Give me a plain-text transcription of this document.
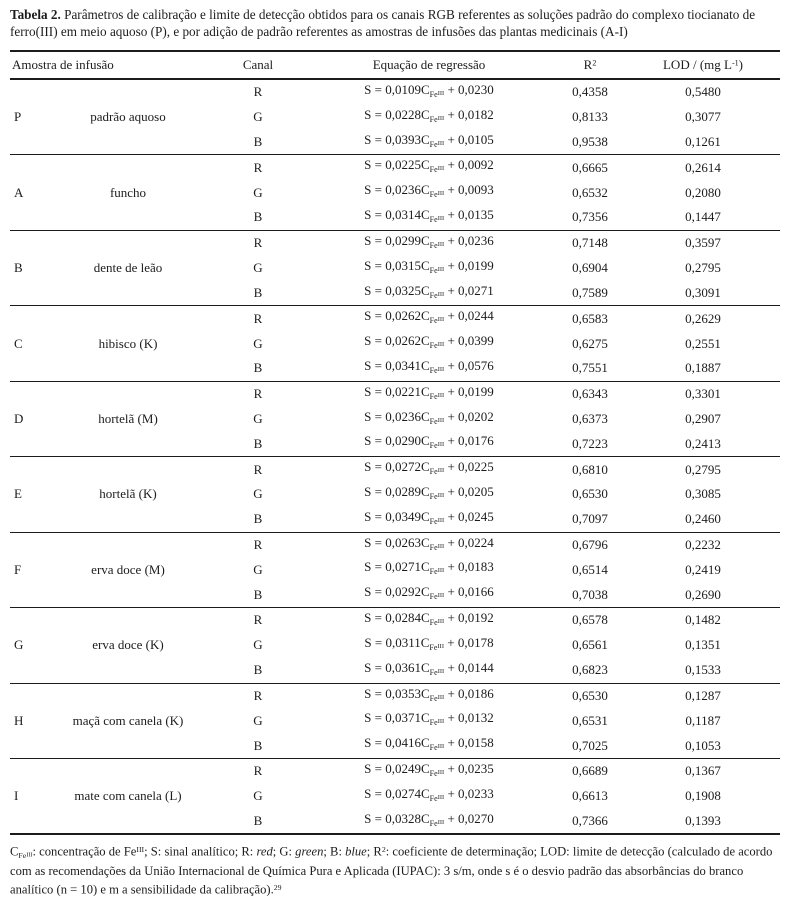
Tabela 2. Parâmetros de calibração e limite de detecção obtidos para os canais RGB referentes as soluções padrão do complexo tiocianato de ferro(III) em meio aquoso (P), e por adição de padrão referentes as amostras de infusões das plantas medicinais (A-I)

Amostra de infusão		Canal	Equação de regressão	$R^2$	LOD / (mg $L^{-1}$)
P	padrão aquoso	R	$S = 0,0109C_{Fe}III + 0,0230$	0,4358	0,5480
		G	$S = 0,0228C_{Fe}III + 0,0182$	0,8133	0,3077
		B	$S = 0,0393C_{Fe}III + 0,0105$	0,9538	0,1261
A	funcho	R	$S = 0,0225C_{Fe}III + 0,0092$	0,6665	0,2614
		G	$S = 0,0236C_{Fe}III + 0,0093$	0,6532	0,2080
		B	$S = 0,0314C_{Fe}III + 0,0135$	0,7356	0,1447
B	dente de leão	R	$S = 0,0299C_{Fe}III + 0,0236$	0,7148	0,3597
		G	$S = 0,0315C_{Fe}III + 0,0199$	0,6904	0,2795
		B	$S = 0,0325C_{Fe}III + 0,0271$	0,7589	0,3091
C	hibisco (K)	R	$S = 0,0262C_{Fe}III + 0,0244$	0,6583	0,2629
		G	$S = 0,0262C_{Fe}III + 0,0399$	0,6275	0,2551
		B	$S = 0,0341C_{Fe}III + 0,0576$	0,7551	0,1887
D	hortelã (M)	R	$S = 0,0221C_{Fe}III + 0,0199$	0,6343	0,3301
		G	$S = 0,0236C_{Fe}III + 0,0202$	0,6373	0,2907
		B	$S = 0,0290C_{Fe}III + 0,0176$	0,7223	0,2413
E	hortelã (K)	R	$S = 0,0272C_{Fe}III + 0,0225$	0,6810	0,2795
		G	$S = 0,0289C_{Fe}III + 0,0205$	0,6530	0,3085
		B	$S = 0,0349C_{Fe}III + 0,0245$	0,7097	0,2460
F	erva doce (M)	R	$S = 0,0263C_{Fe}III + 0,0224$	0,6796	0,2232
		G	$S = 0,0271C_{Fe}III + 0,0183$	0,6514	0,2419
		B	$S = 0,0292C_{Fe}III + 0,0166$	0,7038	0,2690
G	erva doce (K)	R	$S = 0,0284C_{Fe}III + 0,0192$	0,6578	0,1482
		G	$S = 0,0311C_{Fe}III + 0,0178$	0,6561	0,1351
		B	$S = 0,0361C_{Fe}III + 0,0144$	0,6823	0,1533
H	maçã com canela (K)	R	$S = 0,0353C_{Fe}III + 0,0186$	0,6530	0,1287
		G	$S = 0,0371C_{Fe}III + 0,0132$	0,6531	0,1187
		B	$S = 0,0416C_{Fe}III + 0,0158$	0,7025	0,1053
I	mate com canela (L)	R	$S = 0,0249C_{Fe}III + 0,0235$	0,6689	0,1367
		G	$S = 0,0274C_{Fe}III + 0,0233$	0,6613	0,1908
		B	$S = 0,0328C_{Fe}III + 0,0270$	0,7366	0,1393

$C_{Fe}III$: concentração de $Fe^{III}$; S: sinal analítico; R: red; G: green; B: blue; $R^2$: coeficiente de determinação; LOD: limite de detecção (calculado de acordo com as recomendações da União Internacional de Química Pura e Aplicada (IUPAC): 3 s/m, onde s é o desvio padrão das absorbâncias do branco analítico (n = 10) e m a sensibilidade da calibração).$^{29}$
